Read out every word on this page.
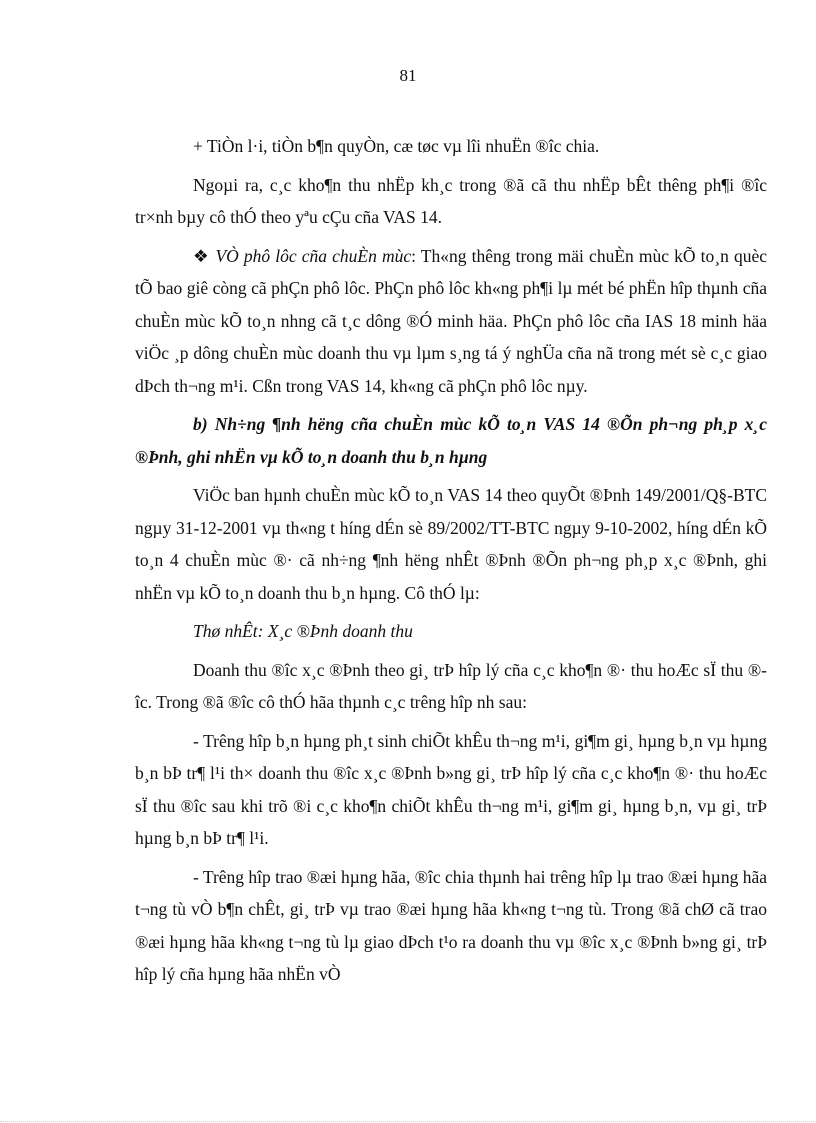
81

+ TiÒn l·i, tiÒn b¶n quyÒn, cæ tøc vµ lîi nhuËn ®îc chia.

Ngoµi ra, c¸c kho¶n thu nhËp kh¸c trong ®ã cã thu nhËp bÊt thêng ph¶i ®îc tr×nh bµy cô thÓ theo yªu cÇu cña VAS 14.

❖ VÒ phô lôc cña chuÈn mùc: Th«ng thêng trong mäi chuÈn mùc kÕ to¸n quèc tÕ bao giê còng cã phÇn phô lôc. PhÇn phô lôc kh«ng ph¶i lµ mét bé phËn hîp thµnh cña chuÈn mùc kÕ to¸n nhng cã t¸c dông ®Ó minh häa. PhÇn phô lôc cña IAS 18 minh häa viÖc ¸p dông chuÈn mùc doanh thu vµ lµm s¸ng tá ý nghÜa cña nã trong mét sè c¸c giao dÞch th¬ng m¹i. Cßn trong VAS 14, kh«ng cã phÇn phô lôc nµy.

b) Nh÷ng ¶nh hëng cña chuÈn mùc kÕ to¸n VAS 14 ®Õn ph¬ng ph¸p x¸c ®Þnh, ghi nhËn vµ kÕ to¸n doanh thu b¸n hµng

ViÖc ban hµnh chuÈn mùc kÕ to¸n VAS 14 theo quyÕt ®Þnh 149/2001/Q§-BTC ngµy 31-12-2001 vµ th«ng t híng dÉn sè 89/2002/TT-BTC ngµy 9-10-2002, híng dÉn kÕ to¸n 4 chuÈn mùc ®· cã nh÷ng ¶nh hëng nhÊt ®Þnh ®Õn ph¬ng ph¸p x¸c ®Þnh, ghi nhËn vµ kÕ to¸n doanh thu b¸n hµng. Cô thÓ lµ:

Thø nhÊt: X¸c ®Þnh doanh thu

Doanh thu ®îc x¸c ®Þnh theo gi¸ trÞ hîp lý cña c¸c kho¶n ®· thu hoÆc sÏ thu ®îc. Trong ®ã ®îc cô thÓ hãa thµnh c¸c trêng hîp nh sau:

- Trêng hîp b¸n hµng ph¸t sinh chiÕt khÊu th¬ng m¹i, gi¶m gi¸ hµng b¸n vµ hµng b¸n bÞ tr¶ l¹i th× doanh thu ®îc x¸c ®Þnh b»ng gi¸ trÞ hîp lý cña c¸c kho¶n ®· thu hoÆc sÏ thu ®îc sau khi trõ ®i c¸c kho¶n chiÕt khÊu th¬ng m¹i, gi¶m gi¸ hµng b¸n, vµ gi¸ trÞ hµng b¸n bÞ tr¶ l¹i.

- Trêng hîp trao ®æi hµng hãa, ®îc chia thµnh hai trêng hîp lµ trao ®æi hµng hãa t¬ng tù vÒ b¶n chÊt, gi¸ trÞ vµ trao ®æi hµng hãa kh«ng t¬ng tù. Trong ®ã chØ cã trao ®æi hµng hãa kh«ng t¬ng tù lµ giao dÞch t¹o ra doanh thu vµ ®îc x¸c ®Þnh b»ng gi¸ trÞ hîp lý cña hµng hãa nhËn vÒ
